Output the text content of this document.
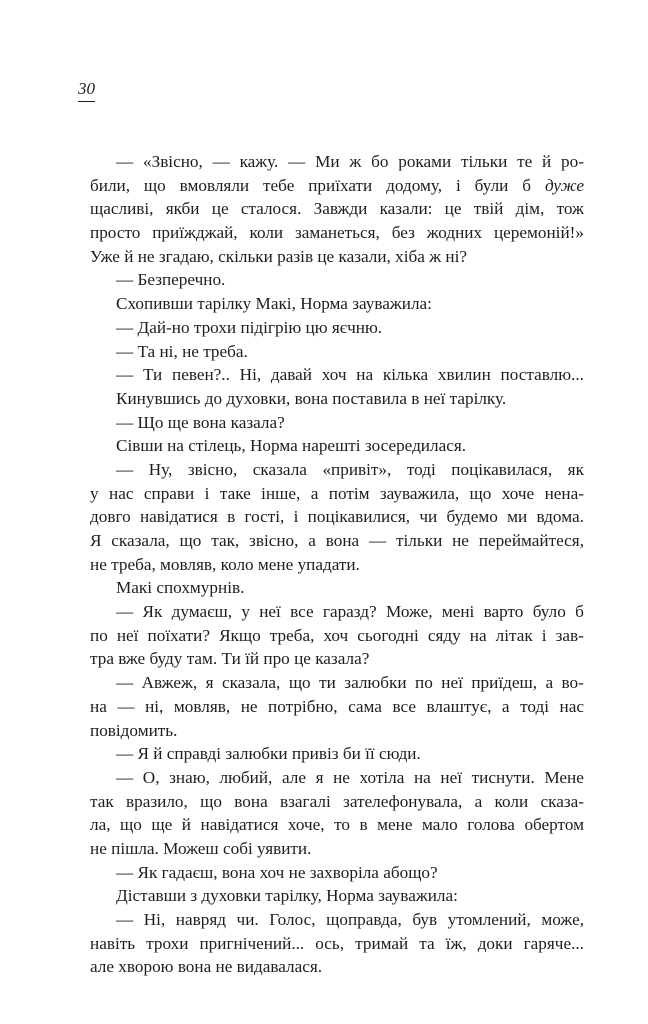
30
— «Звісно, — кажу. — Ми ж бо роками тільки те й ро-
били, що вмовляли тебе приїхати додому, і були б дуже
щасливі, якби це сталося. Завжди казали: це твій дім, тож
просто приїжджай, коли заманеться, без жодних церемоній!»
Уже й не згадаю, скільки разів це казали, хіба ж ні?
— Безперечно.
Схопивши тарілку Макі, Норма зауважила:
— Дай-но трохи підігрію цю яєчню.
— Та ні, не треба.
— Ти певен?.. Ні, давай хоч на кілька хвилин поставлю...
Кинувшись до духовки, вона поставила в неї тарілку.
— Що ще вона казала?
Сівши на стілець, Норма нарешті зосередилася.
— Ну, звісно, сказала «привіт», тоді поцікавилася, як
у нас справи і таке інше, а потім зауважила, що хоче нена-
довго навідатися в гості, і поцікавилися, чи будемо ми вдома.
Я сказала, що так, звісно, а вона — тільки не переймайтеся,
не треба, мовляв, коло мене упадати.
Макі спохмурнів.
— Як думаєш, у неї все гаразд? Може, мені варто було б
по неї поїхати? Якщо треба, хоч сьогодні сяду на літак і зав-
тра вже буду там. Ти їй про це казала?
— Авжеж, я сказала, що ти залюбки по неї приїдеш, а во-
на — ні, мовляв, не потрібно, сама все влаштує, а тоді нас
повідомить.
— Я й справді залюбки привіз би її сюди.
— О, знаю, любий, але я не хотіла на неї тиснути. Мене
так вразило, що вона взагалі зателефонувала, а коли сказа-
ла, що ще й навідатися хоче, то в мене мало голова обертом
не пішла. Можеш собі уявити.
— Як гадаєш, вона хоч не захворіла абощо?
Діставши з духовки тарілку, Норма зауважила:
— Ні, навряд чи. Голос, щоправда, був утомлений, може,
навіть трохи пригнічений... ось, тримай та їж, доки гаряче...
але хворою вона не видавалася.
